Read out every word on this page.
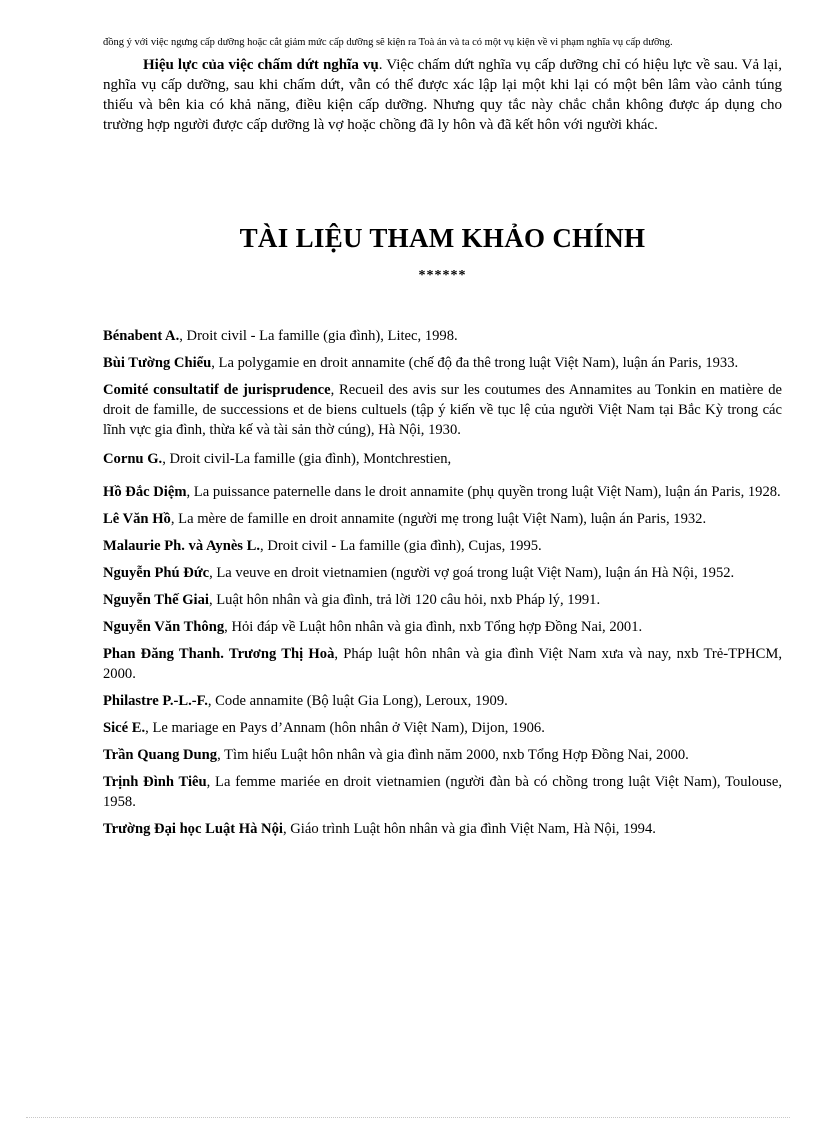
đồng ý với việc ngưng cấp dưỡng hoặc cắt giảm mức cấp dưỡng sẽ kiện ra Toà án và ta có một vụ kiện về vi phạm nghĩa vụ cấp dưỡng.

Hiệu lực của việc chấm dứt nghĩa vụ. Việc chấm dứt nghĩa vụ cấp dưỡng chỉ có hiệu lực về sau. Vả lại, nghĩa vụ cấp dưỡng, sau khi chấm dứt, vẫn có thể được xác lập lại một khi lại có một bên lâm vào cảnh túng thiếu và bên kia có khả năng, điều kiện cấp dưỡng. Nhưng quy tắc này chắc chắn không được áp dụng cho trường hợp người được cấp dưỡng là vợ hoặc chồng đã ly hôn và đã kết hôn với người khác.

TÀI LIỆU THAM KHẢO CHÍNH
******

Bénabent A., Droit civil - La famille (gia đình), Litec, 1998.

Bùi Tường Chiểu, La polygamie en droit annamite (chế độ đa thê trong luật Việt Nam), luận án Paris, 1933.

Comité consultatif de jurisprudence, Recueil des avis sur les coutumes des Annamites au Tonkin en matière de droit de famille, de successions et de biens cultuels (tập ý kiến về tục lệ của người Việt Nam tại Bắc Kỳ trong các lĩnh vực gia đình, thừa kế và tài sản thờ cúng), Hà Nội, 1930.

Cornu G., Droit civil-La famille (gia đình), Montchrestien,

Hồ Đắc Diệm, La puissance paternelle dans le droit annamite (phụ quyền trong luật Việt Nam), luận án Paris, 1928.

Lê Văn Hồ, La mère de famille en droit annamite (người mẹ trong luật Việt Nam), luận án Paris, 1932.

Malaurie Ph. và Aynès L., Droit civil - La famille (gia đình), Cujas, 1995.

Nguyễn Phú Đức, La veuve en droit vietnamien (người vợ goá trong luật Việt Nam), luận án Hà Nội, 1952.

Nguyễn Thế Giai, Luật hôn nhân và gia đình, trả lời 120 câu hỏi, nxb Pháp lý, 1991.

Nguyễn Văn Thông, Hỏi đáp về Luật hôn nhân và gia đình, nxb Tổng hợp Đồng Nai, 2001.

Phan Đăng Thanh. Trương Thị Hoà, Pháp luật hôn nhân và gia đình Việt Nam xưa và nay, nxb Trẻ-TPHCM, 2000.

Philastre P.-L.-F., Code annamite (Bộ luật Gia Long), Leroux, 1909.

Sicé E., Le mariage en Pays d’Annam (hôn nhân ở Việt Nam), Dijon, 1906.

Trần Quang Dung, Tìm hiểu Luật hôn nhân và gia đình năm 2000, nxb Tổng Hợp Đồng Nai, 2000.

Trịnh Đình Tiêu, La femme mariée en droit vietnamien (người đàn bà có chồng trong luật Việt Nam), Toulouse, 1958.

Trường Đại học Luật Hà Nội, Giáo trình Luật hôn nhân và gia đình Việt Nam, Hà Nội, 1994.
